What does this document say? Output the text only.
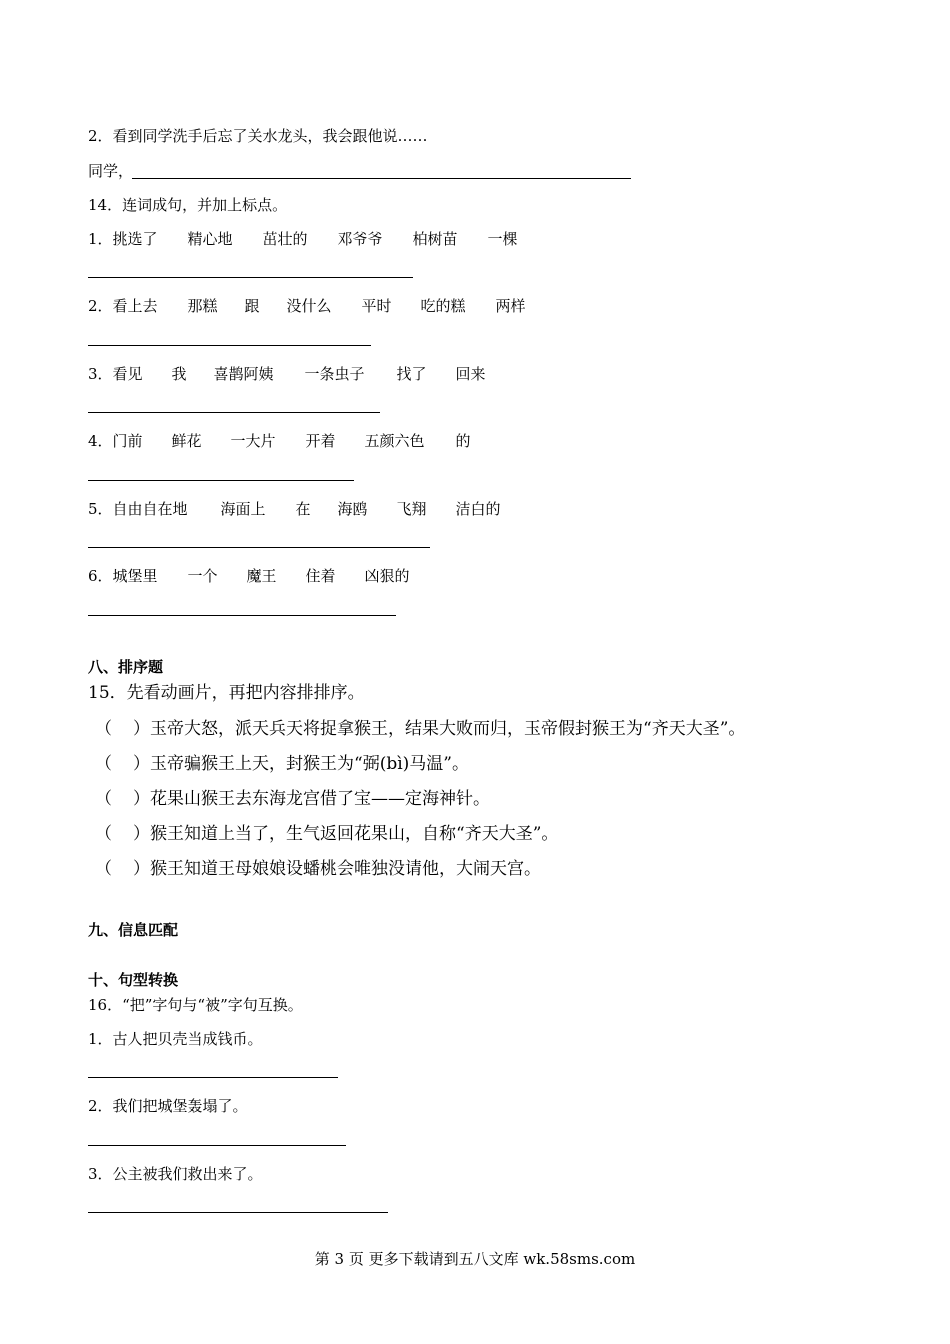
2．看到同学洗手后忘了关水龙头，我会跟他说……
同学，
14．连词成句，并加上标点。
1．挑选了 精心地 茁壮的 邓爷爷 柏树苗 一棵
2．看上去 那糕 跟 没什么 平时 吃的糕 两样
3．看见 我 喜鹊阿姨 一条虫子 找了 回来
4．门前 鲜花 一大片 开着 五颜六色 的
5．自由自在地 海面上 在 海鸥 飞翔 洁白的
6．城堡里 一个 魔王 住着 凶狠的
八、排序题
15．先看动画片，再把内容排排序。
（ ）玉帝大怒，派天兵天将捉拿猴王，结果大败而归，玉帝假封猴王为“齐天大圣”。
（ ）玉帝骗猴王上天，封猴王为“弼(bì)马温”。
（ ）花果山猴王去东海龙宫借了宝——定海神针。
（ ）猴王知道上当了，生气返回花果山，自称“齐天大圣”。
（ ）猴王知道王母娘娘设蟠桃会唯独没请他，大闹天宫。
九、信息匹配
十、句型转换
16．“把”字句与“被”字句互换。
1．古人把贝壳当成钱币。
2．我们把城堡轰塌了。
3．公主被我们救出来了。
第 3 页 更多下载请到五八文库 wk.58sms.com
